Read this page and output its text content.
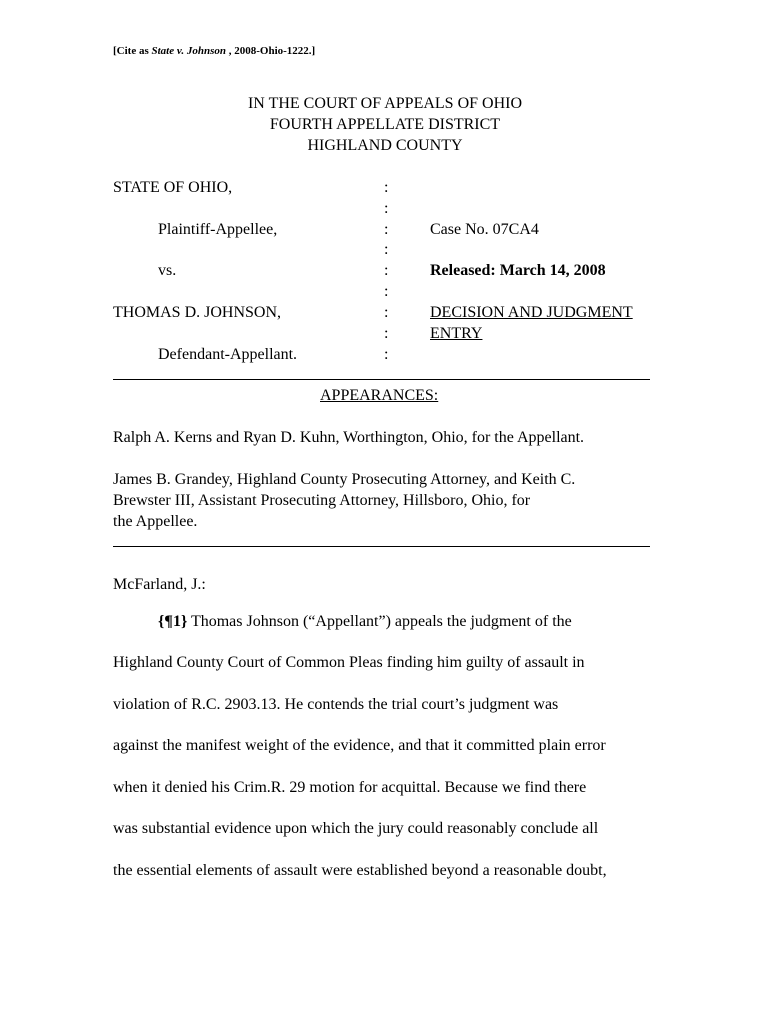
[Cite as State v. Johnson , 2008-Ohio-1222.]
IN THE COURT OF APPEALS OF OHIO
FOURTH APPELLATE DISTRICT
HIGHLAND COUNTY
STATE OF OHIO,
Plaintiff-Appellee,
vs.
THOMAS D. JOHNSON,
Defendant-Appellant.
:
:
:
:
:
:
:
:
:
Case No. 07CA4
Released: March 14, 2008
DECISION AND JUDGMENT
ENTRY
APPEARANCES:
Ralph A. Kerns and Ryan D. Kuhn, Worthington, Ohio, for the Appellant.
James B. Grandey, Highland County Prosecuting Attorney, and Keith C.
Brewster III, Assistant Prosecuting Attorney, Hillsboro, Ohio, for
the Appellee.
McFarland, J.:
{¶1} Thomas Johnson (“Appellant”) appeals the judgment of the
Highland County Court of Common Pleas finding him guilty of assault in
violation of R.C. 2903.13. He contends the trial court’s judgment was
against the manifest weight of the evidence, and that it committed plain error
when it denied his Crim.R. 29 motion for acquittal. Because we find there
was substantial evidence upon which the jury could reasonably conclude all
the essential elements of assault were established beyond a reasonable doubt,
